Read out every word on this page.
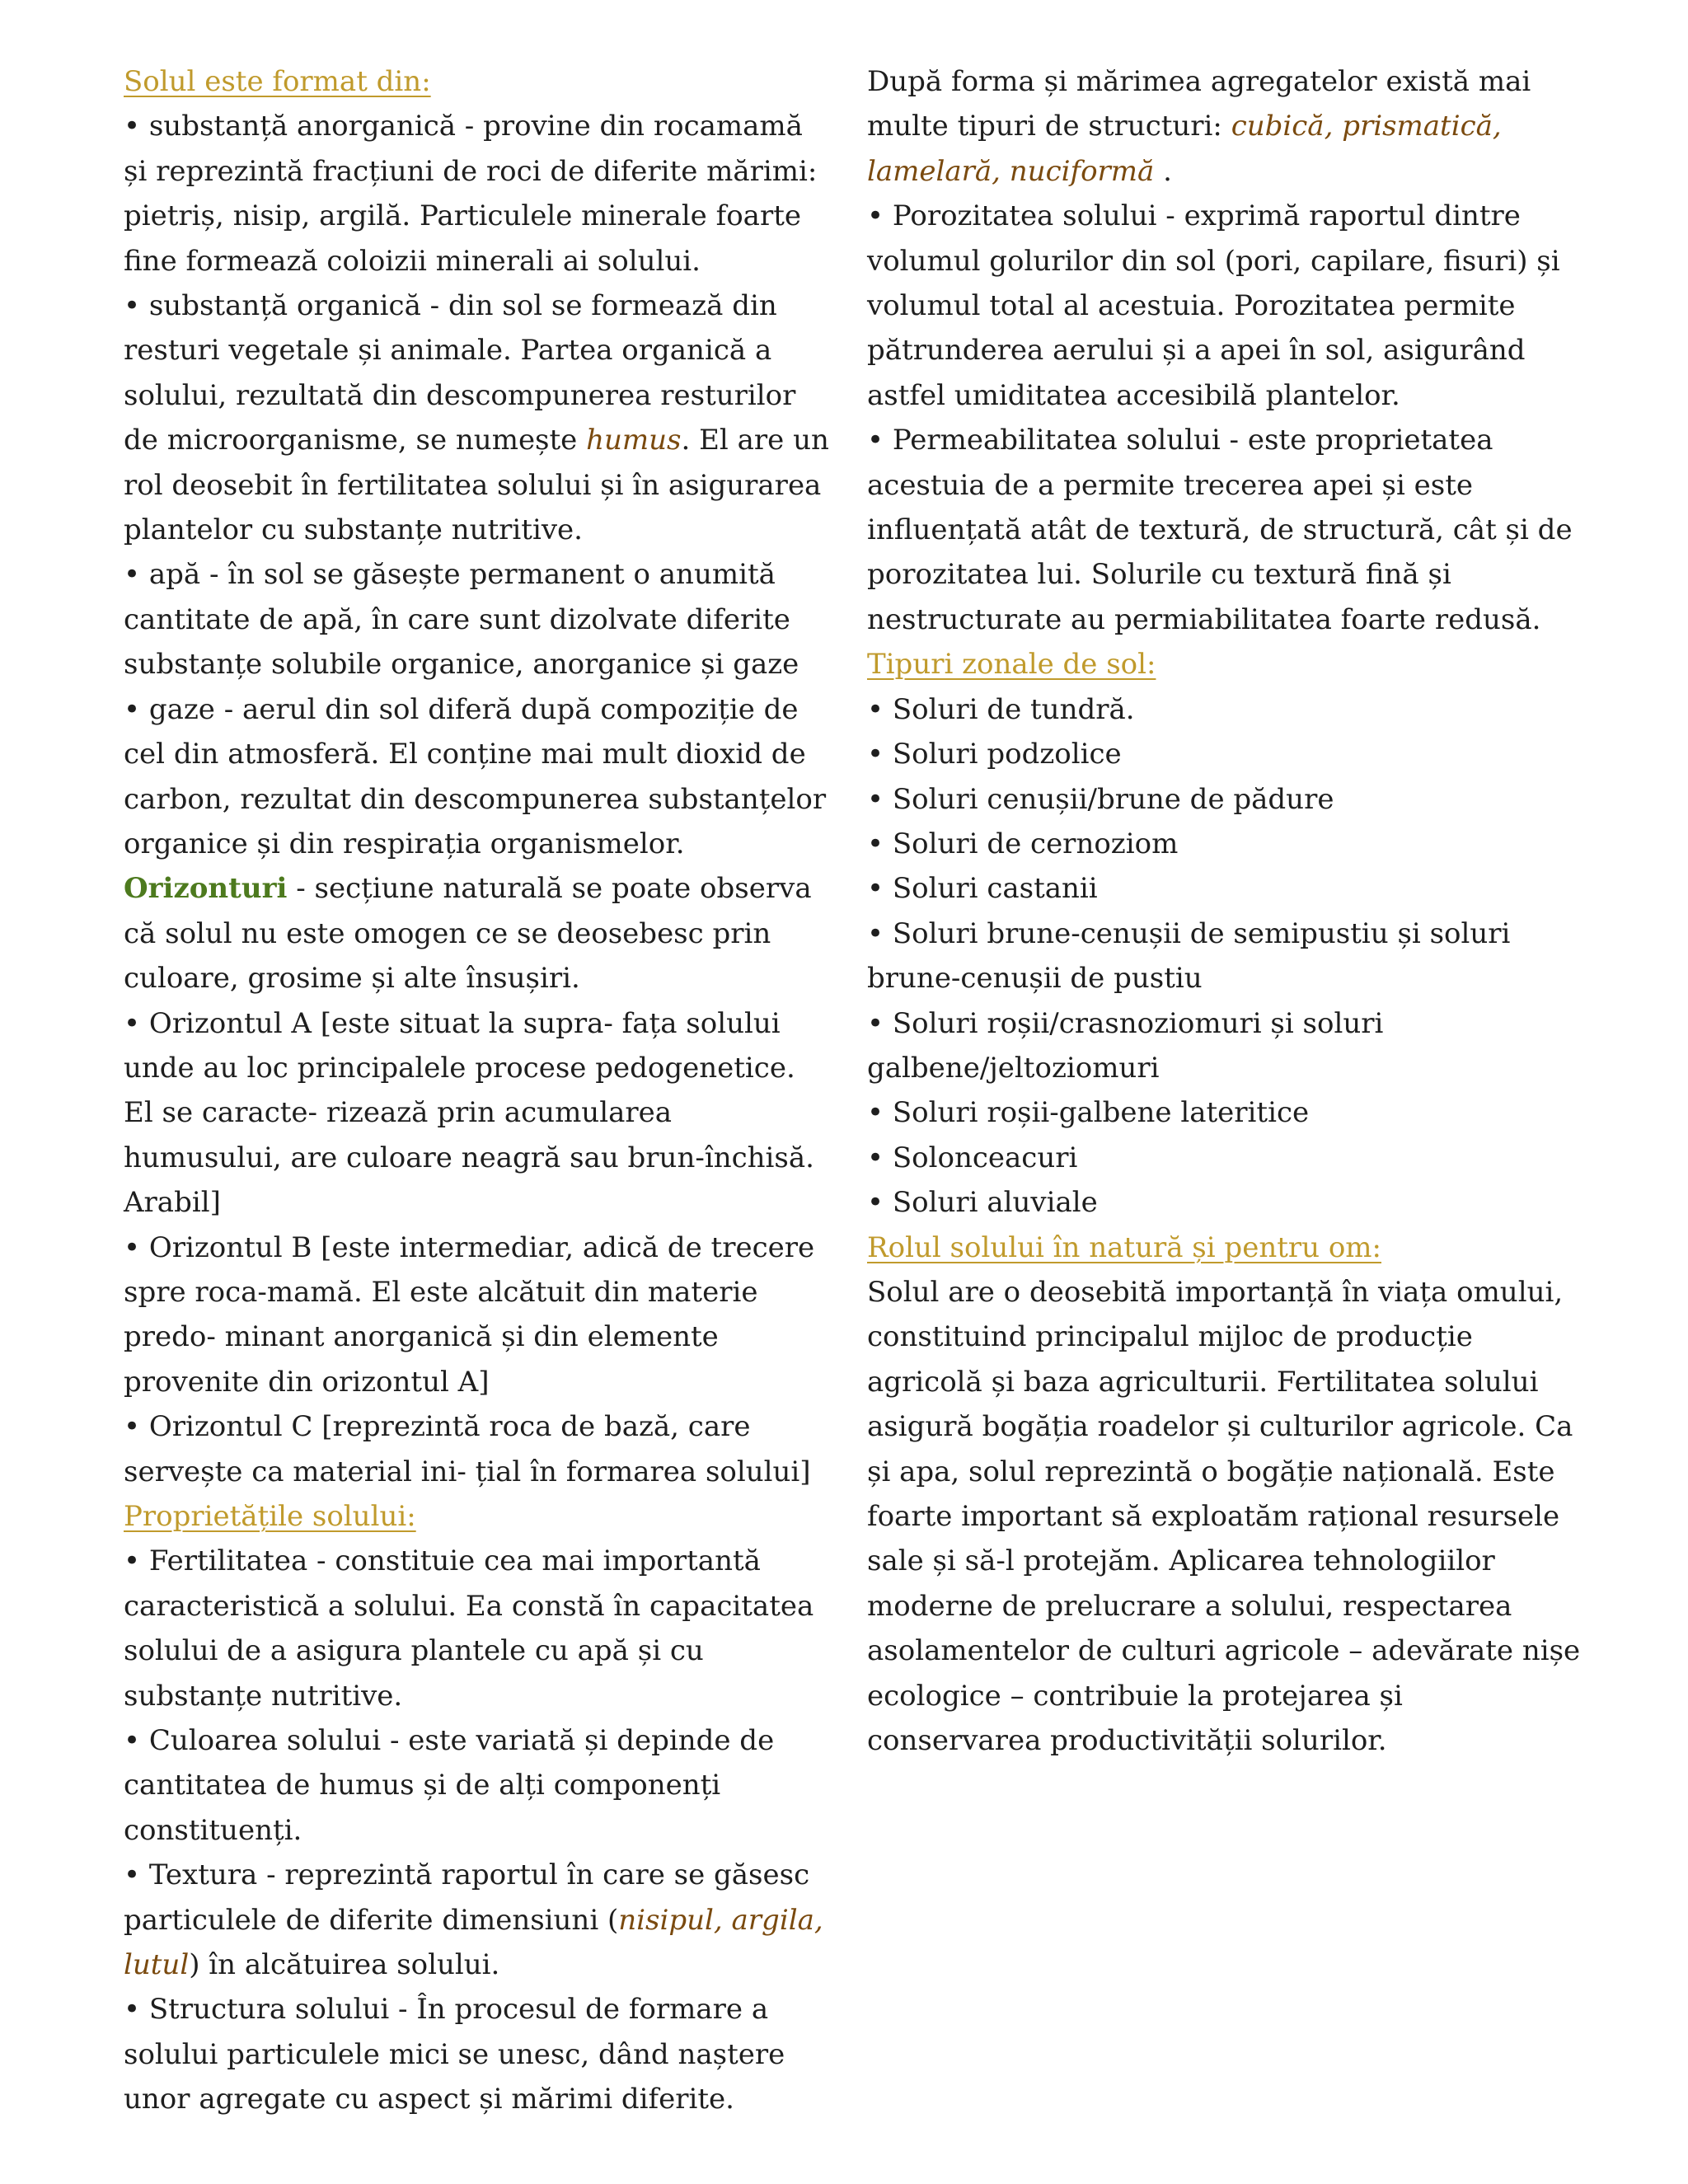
Solul este format din:

• substanță anorganică - provine din rocamamă și reprezintă fracțiuni de roci de diferite mărimi: pietriș, nisip, argilă. Particulele minerale foarte fine formează coloizii minerali ai solului.

• substanță organică - din sol se formează din resturi vegetale și animale. Partea organică a solului, rezultată din descompunerea resturilor de microorganisme, se numește humus. El are un rol deosebit în fertilitatea solului și în asigurarea plantelor cu substanțe nutritive.

• apă - în sol se găsește permanent o anumită cantitate de apă, în care sunt dizolvate diferite substanțe solubile organice, anorganice și gaze

• gaze - aerul din sol diferă după compoziție de cel din atmosferă. El conține mai mult dioxid de carbon, rezultat din descompunerea substanțelor organice și din respirația organismelor.

Orizonturi - secțiune naturală se poate observa că solul nu este omogen ce se deosebesc prin culoare, grosime și alte însușiri.

• Orizontul A [este situat la supra- fața solului unde au loc principalele procese pedogenetice. El se caracte- rizează prin acumularea humusului, are culoare neagră sau brun-închisă. Arabil]

• Orizontul B [este intermediar, adică de trecere spre roca-mamă. El este alcătuit din materie predo- minant anorganică și din elemente provenite din orizontul A]

• Orizontul C [reprezintă roca de bază, care servește ca material ini- țial în formarea solului]

Proprietățile solului:

• Fertilitatea - constituie cea mai importantă caracteristică a solului. Ea constă în capacitatea solului de a asigura plantele cu apă și cu substanțe nutritive.

• Culoarea solului - este variată și depinde de cantitatea de humus și de alți componenți constituenți.

• Textura - reprezintă raportul în care se găsesc particulele de diferite dimensiuni (nisipul, argila, lutul) în alcătuirea solului.

• Structura solului - În procesul de formare a solului particulele mici se unesc, dând naștere unor agregate cu aspect și mărimi diferite.

După forma și mărimea agregatelor există mai multe tipuri de structuri: cubică, prismatică, lamelară, nuciformă .

• Porozitatea solului - exprimă raportul dintre volumul golurilor din sol (pori, capilare, fisuri) și volumul total al acestuia. Porozitatea permite pătrunderea aerului și a apei în sol, asigurând astfel umiditatea accesibilă plantelor.

• Permeabilitatea solului - este proprietatea acestuia de a permite trecerea apei și este influențată atât de textură, de structură, cât și de porozitatea lui. Solurile cu textură fină și nestructurate au permiabilitatea foarte redusă.

Tipuri zonale de sol:

• Soluri de tundră.

• Soluri podzolice

• Soluri cenușii/brune de pădure

• Soluri de cernoziom

• Soluri castanii

• Soluri brune-cenușii de semipustiu și soluri brune-cenușii de pustiu

• Soluri roșii/crasnoziomuri și soluri galbene/jeltoziomuri

• Soluri roșii-galbene lateritice

• Solonceacuri

• Soluri aluviale

Rolul solului în natură și pentru om:

Solul are o deosebită importanță în viața omului, constituind principalul mijloc de producție agricolă și baza agriculturii. Fertilitatea solului asigură bogăția roadelor și culturilor agricole. Ca și apa, solul reprezintă o bogăție națională. Este foarte important să exploatăm rațional resursele sale și să-l protejăm. Aplicarea tehnologiilor moderne de prelucrare a solului, respectarea asolamentelor de culturi agricole – adevărate nișe ecologice – contribuie la protejarea și conservarea productivității solurilor.
